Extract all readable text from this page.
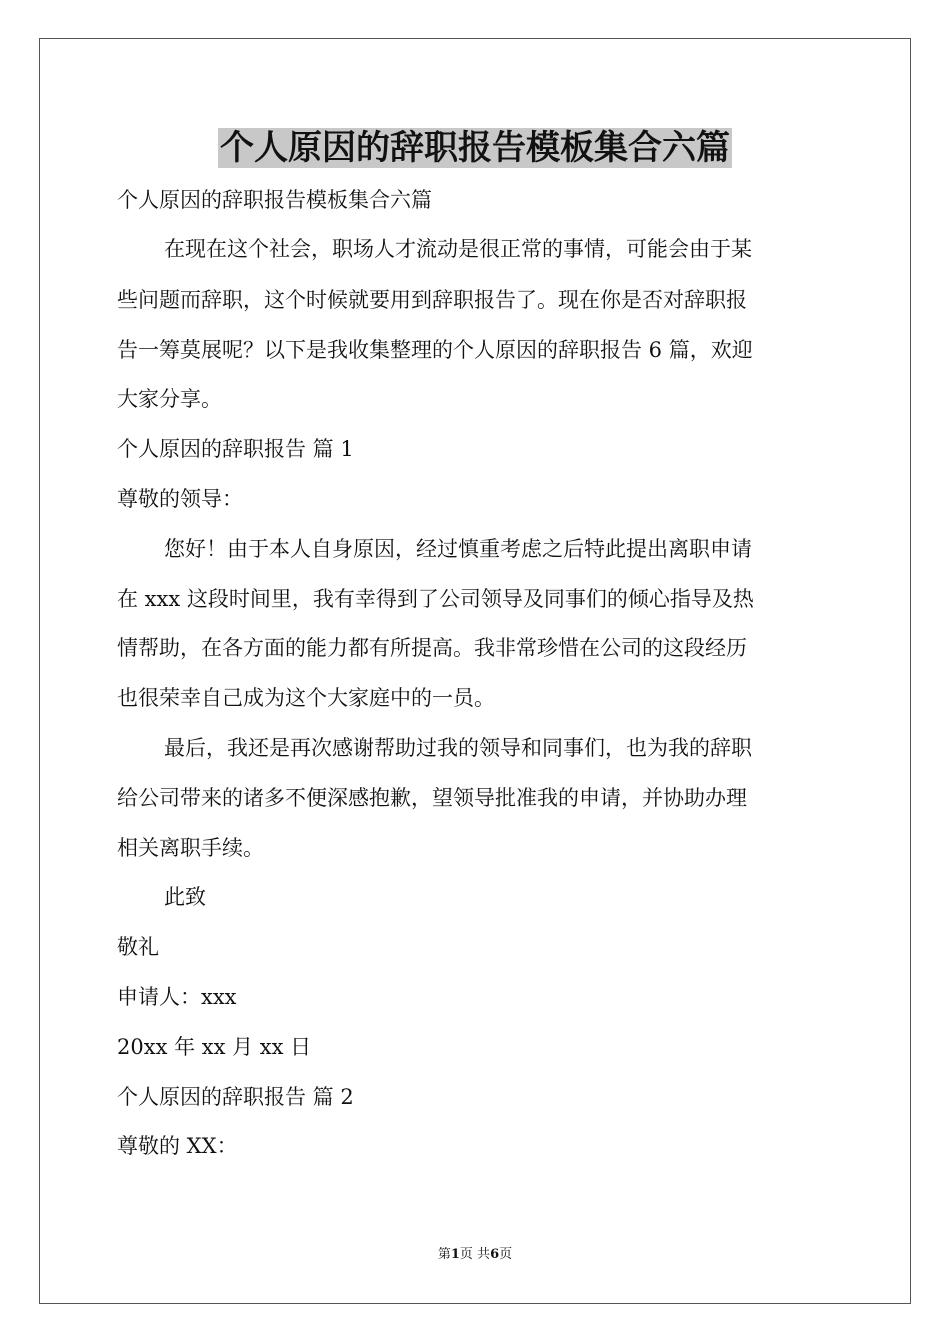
个人原因的辞职报告模板集合六篇
个人原因的辞职报告模板集合六篇
在现在这个社会，职场人才流动是很正常的事情，可能会由于某
些问题而辞职，这个时候就要用到辞职报告了。现在你是否对辞职报
告一筹莫展呢？以下是我收集整理的个人原因的辞职报告 6 篇，欢迎
大家分享。
个人原因的辞职报告 篇 1
尊敬的领导：
您好！由于本人自身原因，经过慎重考虑之后特此提出离职申请
在 xxx 这段时间里，我有幸得到了公司领导及同事们的倾心指导及热
情帮助，在各方面的能力都有所提高。我非常珍惜在公司的这段经历
也很荣幸自己成为这个大家庭中的一员。
最后，我还是再次感谢帮助过我的领导和同事们，也为我的辞职
给公司带来的诸多不便深感抱歉，望领导批准我的申请，并协助办理
相关离职手续。
此致
敬礼
申请人：xxx
20xx 年 xx 月 xx 日
个人原因的辞职报告 篇 2
尊敬的 XX：
第1页 共6页
